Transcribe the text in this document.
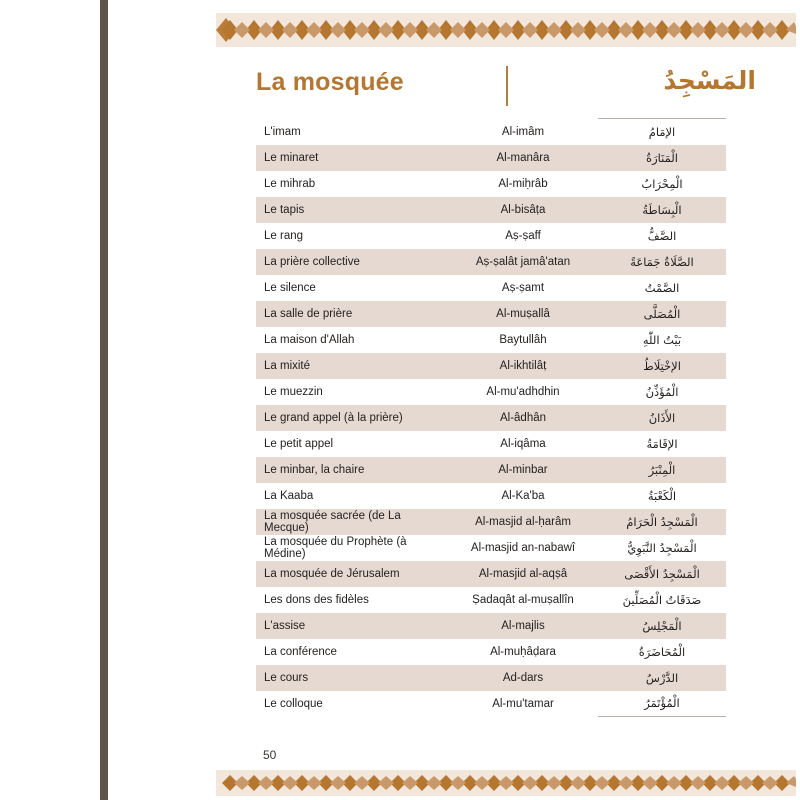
La mosquée	المَسْجِدُ
L'imam	Al-imâm	الإمَامُ
Le minaret	Al-manâra	الْمَنَارَةُ
Le mihrab	Al-miḥrâb	الْمِحْرَابُ
Le tapis	Al-bisâṭa	الْبِسَاطَةُ
Le rang	Aṣ-ṣaff	الصَّفُّ
La prière collective	Aṣ-ṣalât jamâ'atan	الصَّلَاةُ جَمَاعَةً
Le silence	Aṣ-ṣamt	الصَّمْتُ
La salle de prière	Al-muṣallâ	الْمُصَلَّى
La maison d'Allah	Baytullâh	بَيْتُ اللّٰهِ
La mixité	Al-ikhtilâṭ	الإخْتِلَاطُ
Le muezzin	Al-mu'adhdhin	الْمُؤَذِّنُ
Le grand appel (à la prière)	Al-âdhân	الأَذَانُ
Le petit appel	Al-iqâma	الإقَامَةُ
Le minbar, la chaire	Al-minbar	الْمِنْبَرُ
La Kaaba	Al-Ka'ba	الْكَعْبَةُ
La mosquée sacrée (de La Mecque)	Al-masjid al-ḥarâm	الْمَسْجِدُ الْحَرَامُ
La mosquée du Prophète (à Médine)	Al-masjid an-nabawî	الْمَسْجِدُ النَّبَوِيُّ
La mosquée de Jérusalem	Al-masjid al-aqṣâ	الْمَسْجِدُ الأَقْصَى
Les dons des fidèles	Ṣadaqât al-muṣallîn	صَدَقَاتُ الْمُصَلِّينَ
L'assise	Al-majlis	الْمَجْلِسُ
La conférence	Al-muḥâḍara	الْمُحَاضَرَةُ
Le cours	Ad-dars	الدَّرْسُ
Le colloque	Al-mu'tamar	الْمُؤْتَمَرُ
50
